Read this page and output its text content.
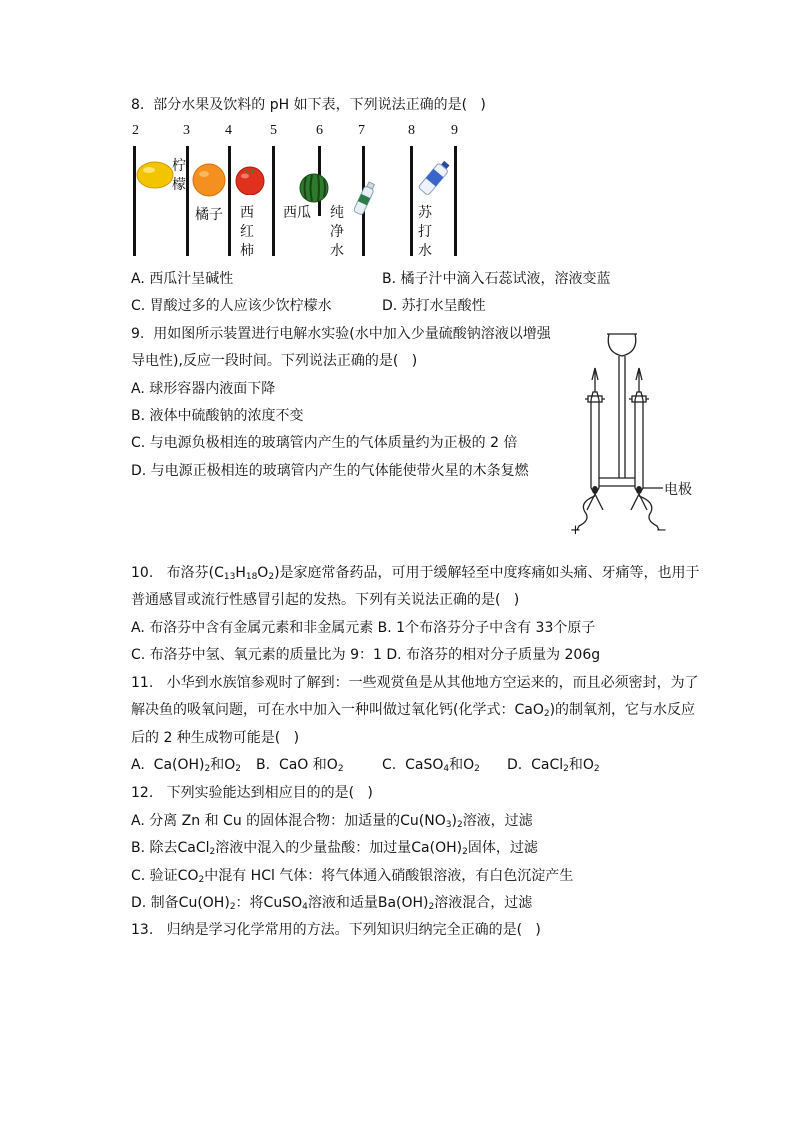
8.  部分水果及饮料的 pH 如下表，下列说法正确的是(   )
2	3	4	5	6	7	8	9
柠檬
橘子 西红柿
西瓜 纯净水
苏打水
A. 西瓜汁呈碱性	B. 橘子汁中滴入石蕊试液，溶液变蓝
C. 胃酸过多的人应该少饮柠檬水	D. 苏打水呈酸性
9.  用如图所示装置进行电解水实验(水中加入少量硫酸钠溶液以增强
导电性),反应一段时间。下列说法正确的是(   )
A. 球形容器内液面下降
B. 液体中硫酸钠的浓度不变
C. 与电源负极相连的玻璃管内产生的气体质量约为正极的 2 倍
D. 与电源正极相连的玻璃管内产生的气体能使带火星的木条复燃
电极
+	−
10.   布洛芬$(C_{13}H_{18}O_2)$是家庭常备药品，可用于缓解轻至中度疼痛如头痛、牙痛等，也用于
普通感冒或流行性感冒引起的发热。下列有关说法正确的是(   )
A. 布洛芬中含有金属元素和非金属元素 B. 1个布洛芬分子中含有 33个原子
C. 布洛芬中氢、氧元素的质量比为 9：1 D. 布洛芬的相对分子质量为 206g
11.   小华到水族馆参观时了解到：一些观赏鱼是从其他地方空运来的，而且必须密封，为了
解决鱼的吸氧问题，可在水中加入一种叫做过氧化钙(化学式：CaO$_2$)的制氧剂，它与水反应
后的 2 种生成物可能是(   )
A.  $Ca(OH)_2$和$O_2$ B.  CaO 和$O_2$	C.  CaSO$_4$和$O_2$ D.  CaCl$_2$和$O_2$
12.   下列实验能达到相应目的的是(   )
A. 分离 Zn 和 Cu 的固体混合物：加适量的$Cu(NO_3)_2$溶液，过滤
B. 除去CaCl$_2$溶液中混入的少量盐酸：加过量$Ca(OH)_2$固体，过滤
C. 验证$CO_2$中混有 HCl 气体：将气体通入硝酸银溶液，有白色沉淀产生
D. 制备$Cu(OH)_2$：将CuSO$_4$溶液和适量$Ba(OH)_2$溶液混合，过滤
13.   归纳是学习化学常用的方法。下列知识归纳完全正确的是(   )
